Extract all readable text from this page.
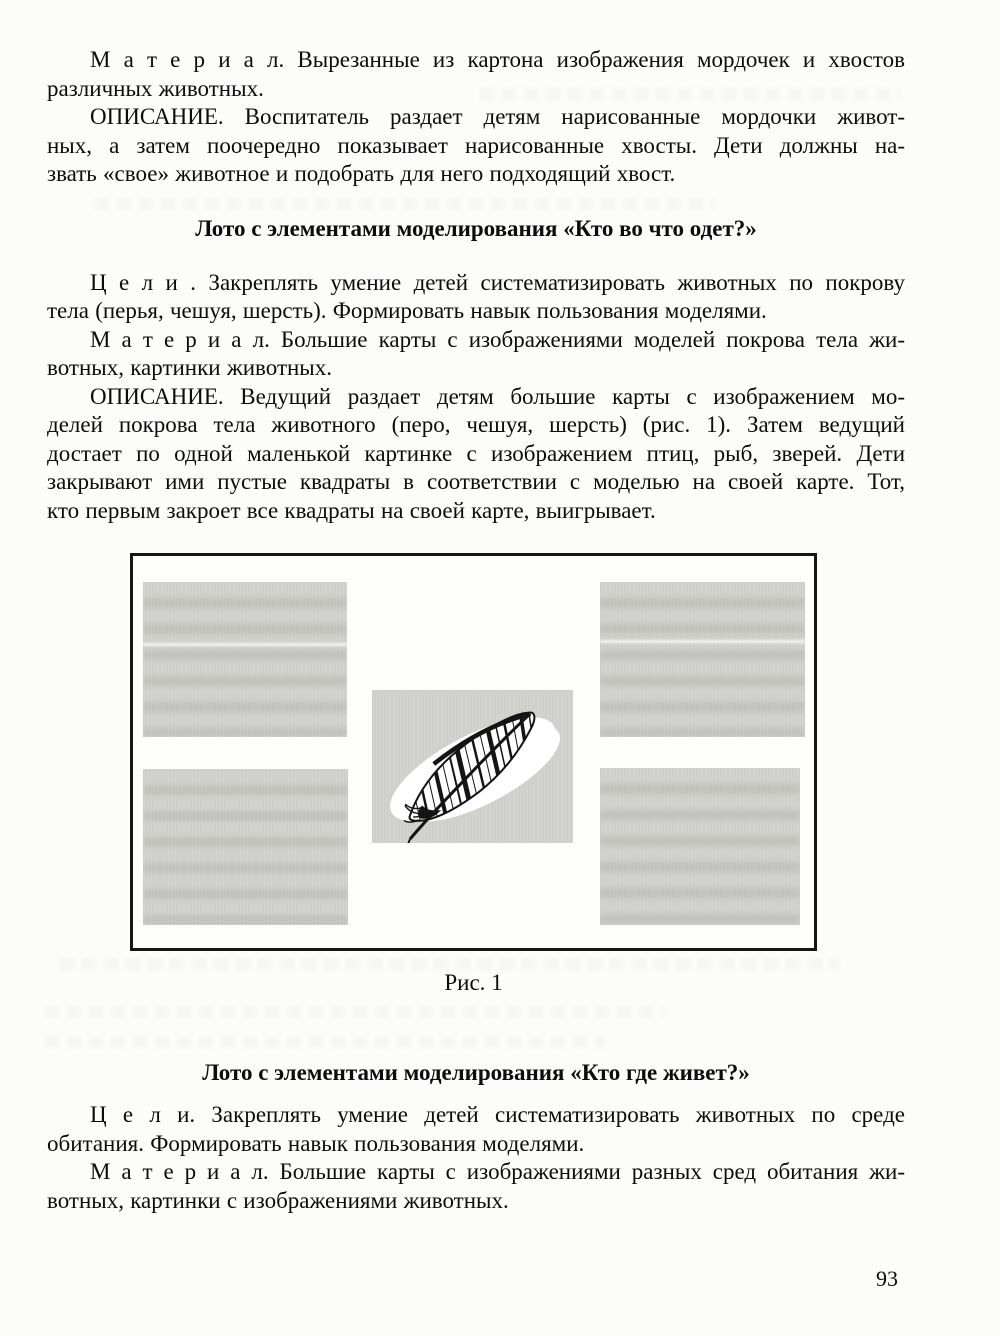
М а т е р и а л. Вырезанные из картона изображения мордочек и хвостов
различных животных.
ОПИСАНИЕ. Воспитатель раздает детям нарисованные мордочки живот-
ных, а затем поочередно показывает нарисованные хвосты. Дети должны на-
звать «свое» животное и подобрать для него подходящий хвост.
Лото с элементами моделирования «Кто во что одет?»
Ц е л и . Закреплять умение детей систематизировать животных по покрову
тела (перья, чешуя, шерсть). Формировать навык пользования моделями.
М а т е р и а л. Большие карты с изображениями моделей покрова тела жи-
вотных, картинки животных.
ОПИСАНИЕ. Ведущий раздает детям большие карты с изображением мо-
делей покрова тела животного (перо, чешуя, шерсть) (рис. 1). Затем ведущий
достает по одной маленькой картинке с изображением птиц, рыб, зверей. Дети
закрывают ими пустые квадраты в соответствии с моделью на своей карте. Тот,
кто первым закроет все квадраты на своей карте, выигрывает.
Рис. 1
Лото с элементами моделирования «Кто где живет?»
Ц е л и. Закреплять умение детей систематизировать животных по среде
обитания. Формировать навык пользования моделями.
М а т е р и а л. Большие карты с изображениями разных сред обитания жи-
вотных, картинки с изображениями животных.
93
